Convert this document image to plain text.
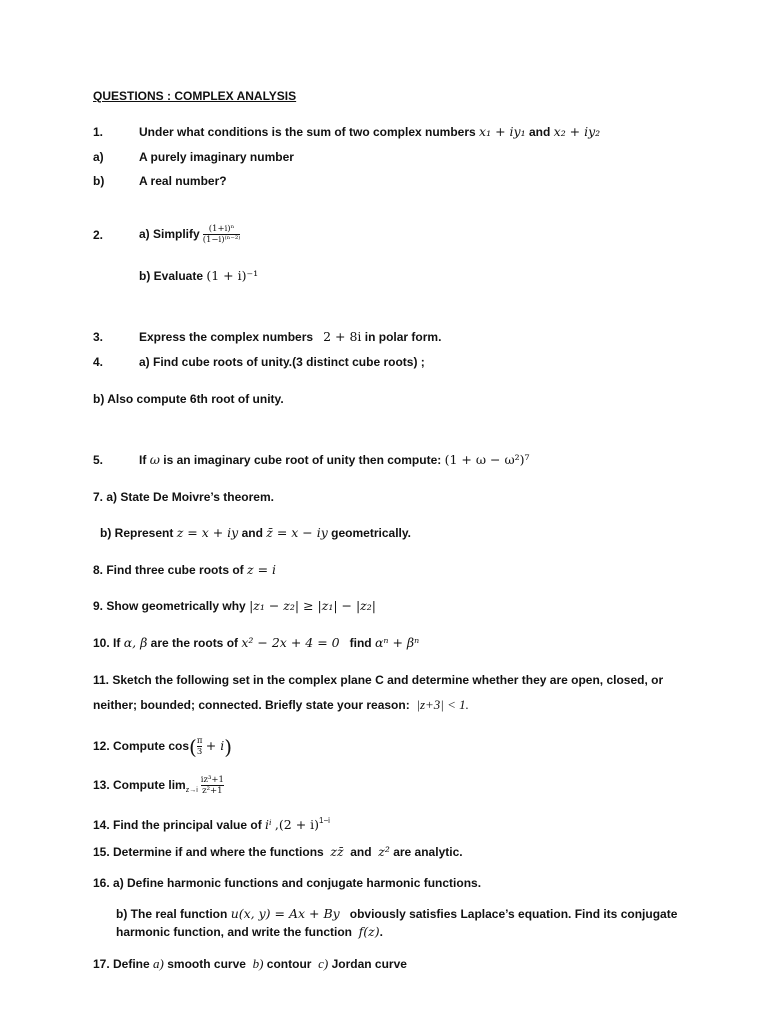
QUESTIONS : COMPLEX ANALYSIS
1.	Under what conditions is the sum of two complex numbers x₁ + iy₁ and x₂ + iy₂
a)	A purely imaginary number
b)	A real number?
2.	a) Simplify $\frac{\text{(1+i)ⁿ}}{\text{(1−i)⁽ⁿ⁻²⁾}}$
b) Evaluate (1 + i)⁻¹
3.	Express the complex numbers 2 + 8i in polar form.
4.	a) Find cube roots of unity.(3 distinct cube roots) ;
b) Also compute 6th root of unity.
5.	If ω is an imaginary cube root of unity then compute: (1 + ω − ω²)⁷
7. a) State De Moivre’s theorem.
b) Represent z = x + iy and z̄ = x − iy geometrically.
8. Find three cube roots of z = i
9. Show geometrically why |z₁ − z₂| ≥ |z₁| − |z₂|
10. If α, β are the roots of x² − 2x + 4 = 0 find αⁿ + βⁿ
11. Sketch the following set in the complex plane C and determine whether they are open, closed, or
neither; bounded; connected. Briefly state your reason: |z+3| < 1.
12. Compute $\cos( \frac{\pi}{3} + i)$
13. Compute $\lim_{z\to i} \frac{\text{iz³+1}}{\text{z²+1}}$
14. Find the principal value of iⁱ $,(2 + i)^{1-i}$
15. Determine if and where the functions zz̄ and z² are analytic.
16. a) Define harmonic functions and conjugate harmonic functions.
b) The real function u(x, y) = Ax + By obviously satisfies Laplace’s equation. Find its conjugate
harmonic function, and write the function f(z).
17. Define a) smooth curve b) contour c) Jordan curve
